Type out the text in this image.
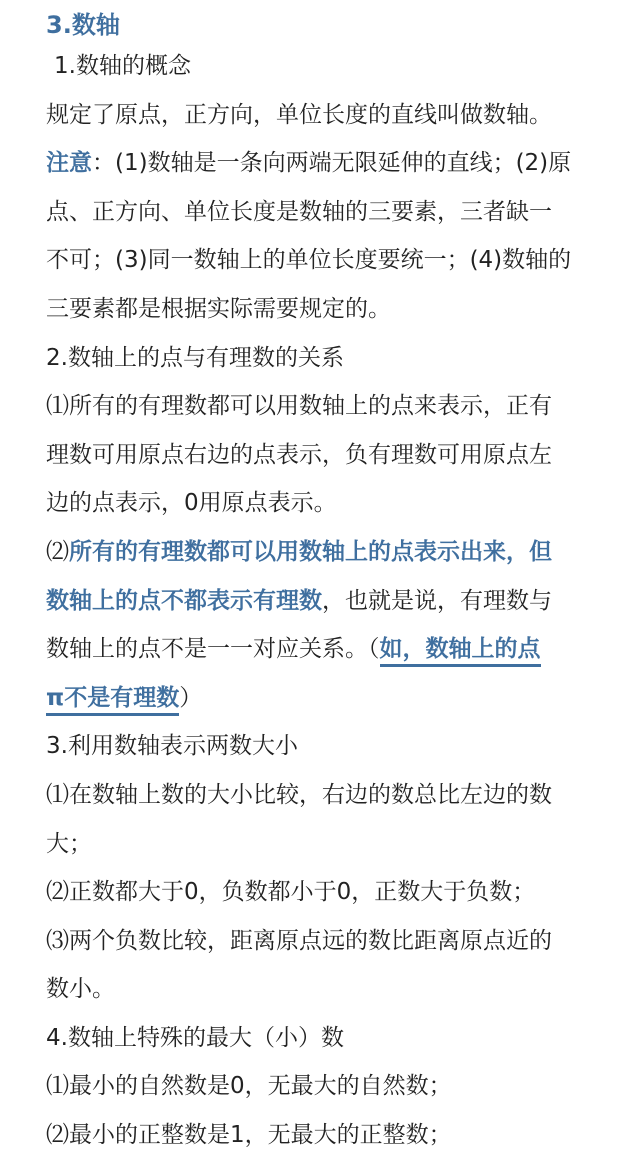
3.数轴

1.数轴的概念

规定了原点，正方向，单位长度的直线叫做数轴。

注意：(1)数轴是一条向两端无限延伸的直线；(2)原

点、正方向、单位长度是数轴的三要素，三者缺一

不可；(3)同一数轴上的单位长度要统一；(4)数轴的

三要素都是根据实际需要规定的。

2.数轴上的点与有理数的关系

⑴所有的有理数都可以用数轴上的点来表示，正有

理数可用原点右边的点表示，负有理数可用原点左

边的点表示，0用原点表示。

⑵所有的有理数都可以用数轴上的点表示出来，但

数轴上的点不都表示有理数，也就是说，有理数与

数轴上的点不是一一对应关系。（如，数轴上的点

π不是有理数）

3.利用数轴表示两数大小

⑴在数轴上数的大小比较，右边的数总比左边的数

大；

⑵正数都大于0，负数都小于0，正数大于负数；

⑶两个负数比较，距离原点远的数比距离原点近的

数小。

4.数轴上特殊的最大（小）数

⑴最小的自然数是0，无最大的自然数；

⑵最小的正整数是1，无最大的正整数；
